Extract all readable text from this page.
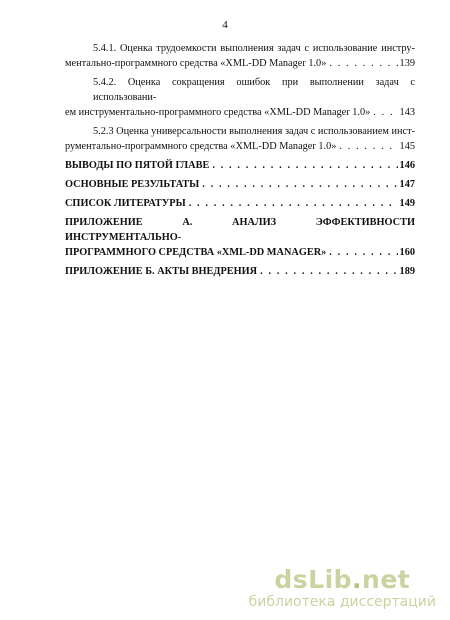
4
5.4.1. Оценка трудоемкости выполнения задач с использование инстру-
ментально-программного средства «XML-DD Manager 1.0» . . .	139
5.4.2. Оценка сокращения ошибок при выполнении задач с использовани-
ем инструментально-программного средства «XML-DD Manager 1.0» . . .	143
5.2.3 Оценка универсальности выполнения задач с использованием инст-
рументально-программного средства «XML-DD Manager 1.0» . . .	145
ВЫВОДЫ ПО ПЯТОЙ ГЛАВЕ . . .	146
ОСНОВНЫЕ РЕЗУЛЬТАТЫ . . .	147
СПИСОК ЛИТЕРАТУРЫ . . .	149
ПРИЛОЖЕНИЕ А. АНАЛИЗ ЭФФЕКТИВНОСТИ ИНСТРУМЕНТАЛЬНО-
ПРОГРАММНОГО СРЕДСТВА «XML-DD MANAGER» . . .	160
ПРИЛОЖЕНИЕ Б. АКТЫ ВНЕДРЕНИЯ . . .	189
dsLib.net
библиотека диссертаций
